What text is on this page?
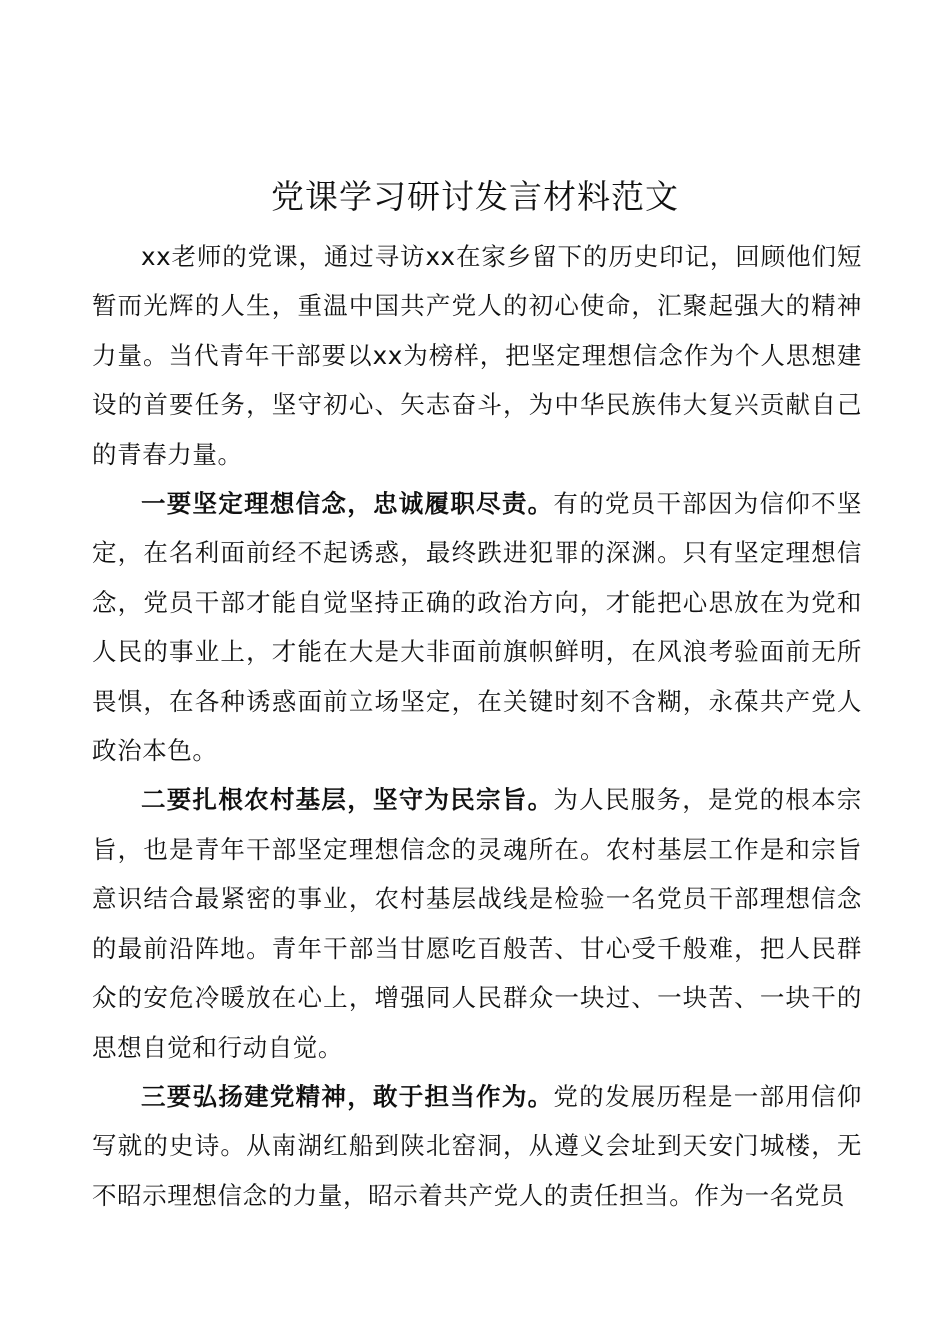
党课学习研讨发言材料范文

xx老师的党课，通过寻访xx在家乡留下的历史印记，回顾他们短暂而光辉的人生，重温中国共产党人的初心使命，汇聚起强大的精神力量。当代青年干部要以xx为榜样，把坚定理想信念作为个人思想建设的首要任务，坚守初心、矢志奋斗，为中华民族伟大复兴贡献自己的青春力量。

一要坚定理想信念，忠诚履职尽责。有的党员干部因为信仰不坚定，在名利面前经不起诱惑，最终跌进犯罪的深渊。只有坚定理想信念，党员干部才能自觉坚持正确的政治方向，才能把心思放在为党和人民的事业上，才能在大是大非面前旗帜鲜明，在风浪考验面前无所畏惧，在各种诱惑面前立场坚定，在关键时刻不含糊，永葆共产党人政治本色。

二要扎根农村基层，坚守为民宗旨。为人民服务，是党的根本宗旨，也是青年干部坚定理想信念的灵魂所在。农村基层工作是和宗旨意识结合最紧密的事业，农村基层战线是检验一名党员干部理想信念的最前沿阵地。青年干部当甘愿吃百般苦、甘心受千般难，把人民群众的安危冷暖放在心上，增强同人民群众一块过、一块苦、一块干的思想自觉和行动自觉。

三要弘扬建党精神，敢于担当作为。党的发展历程是一部用信仰写就的史诗。从南湖红船到陕北窑洞，从遵义会址到天安门城楼，无不昭示理想信念的力量，昭示着共产党人的责任担当。作为一名党员
